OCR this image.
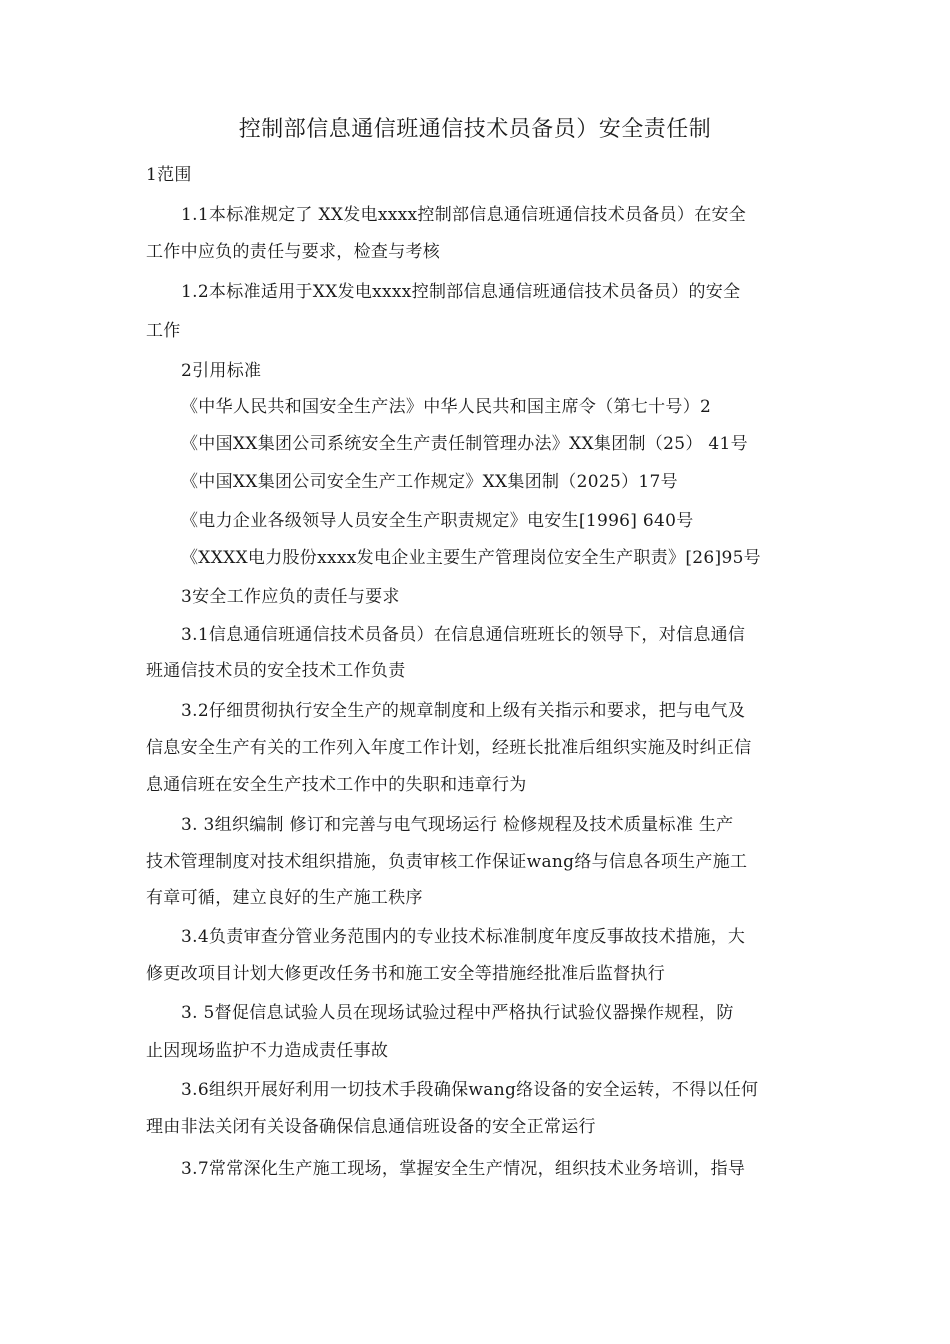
控制部信息通信班通信技术员备员）安全责任制
1范围
1.1本标准规定了 XX发电xxxx控制部信息通信班通信技术员备员）在安全
工作中应负的责任与要求，检查与考核
1.2本标准适用于XX发电xxxx控制部信息通信班通信技术员备员）的安全
工作
2引用标准
《中华人民共和国安全生产法》中华人民共和国主席令（第七十号）2
《中国XX集团公司系统安全生产责任制管理办法》XX集团制（25） 41号
《中国XX集团公司安全生产工作规定》XX集团制（2025）17号
《电力企业各级领导人员安全生产职责规定》电安生[1996] 640号
《XXXX电力股份xxxx发电企业主要生产管理岗位安全生产职责》[26]95号
3安全工作应负的责任与要求
3.1信息通信班通信技术员备员）在信息通信班班长的领导下，对信息通信
班通信技术员的安全技术工作负责
3.2仔细贯彻执行安全生产的规章制度和上级有关指示和要求，把与电气及
信息安全生产有关的工作列入年度工作计划，经班长批准后组织实施及时纠正信
息通信班在安全生产技术工作中的失职和违章行为
3. 3组织编制 修订和完善与电气现场运行 检修规程及技术质量标准 生产
技术管理制度对技术组织措施，负责审核工作保证wang络与信息各项生产施工
有章可循，建立良好的生产施工秩序
3.4负责审查分管业务范围内的专业技术标准制度年度反事故技术措施，大
修更改项目计划大修更改任务书和施工安全等措施经批准后监督执行
3. 5督促信息试验人员在现场试验过程中严格执行试验仪器操作规程，防
止因现场监护不力造成责任事故
3.6组织开展好利用一切技术手段确保wang络设备的安全运转，不得以任何
理由非法关闭有关设备确保信息通信班设备的安全正常运行
3.7常常深化生产施工现场，掌握安全生产情况，组织技术业务培训，指导
